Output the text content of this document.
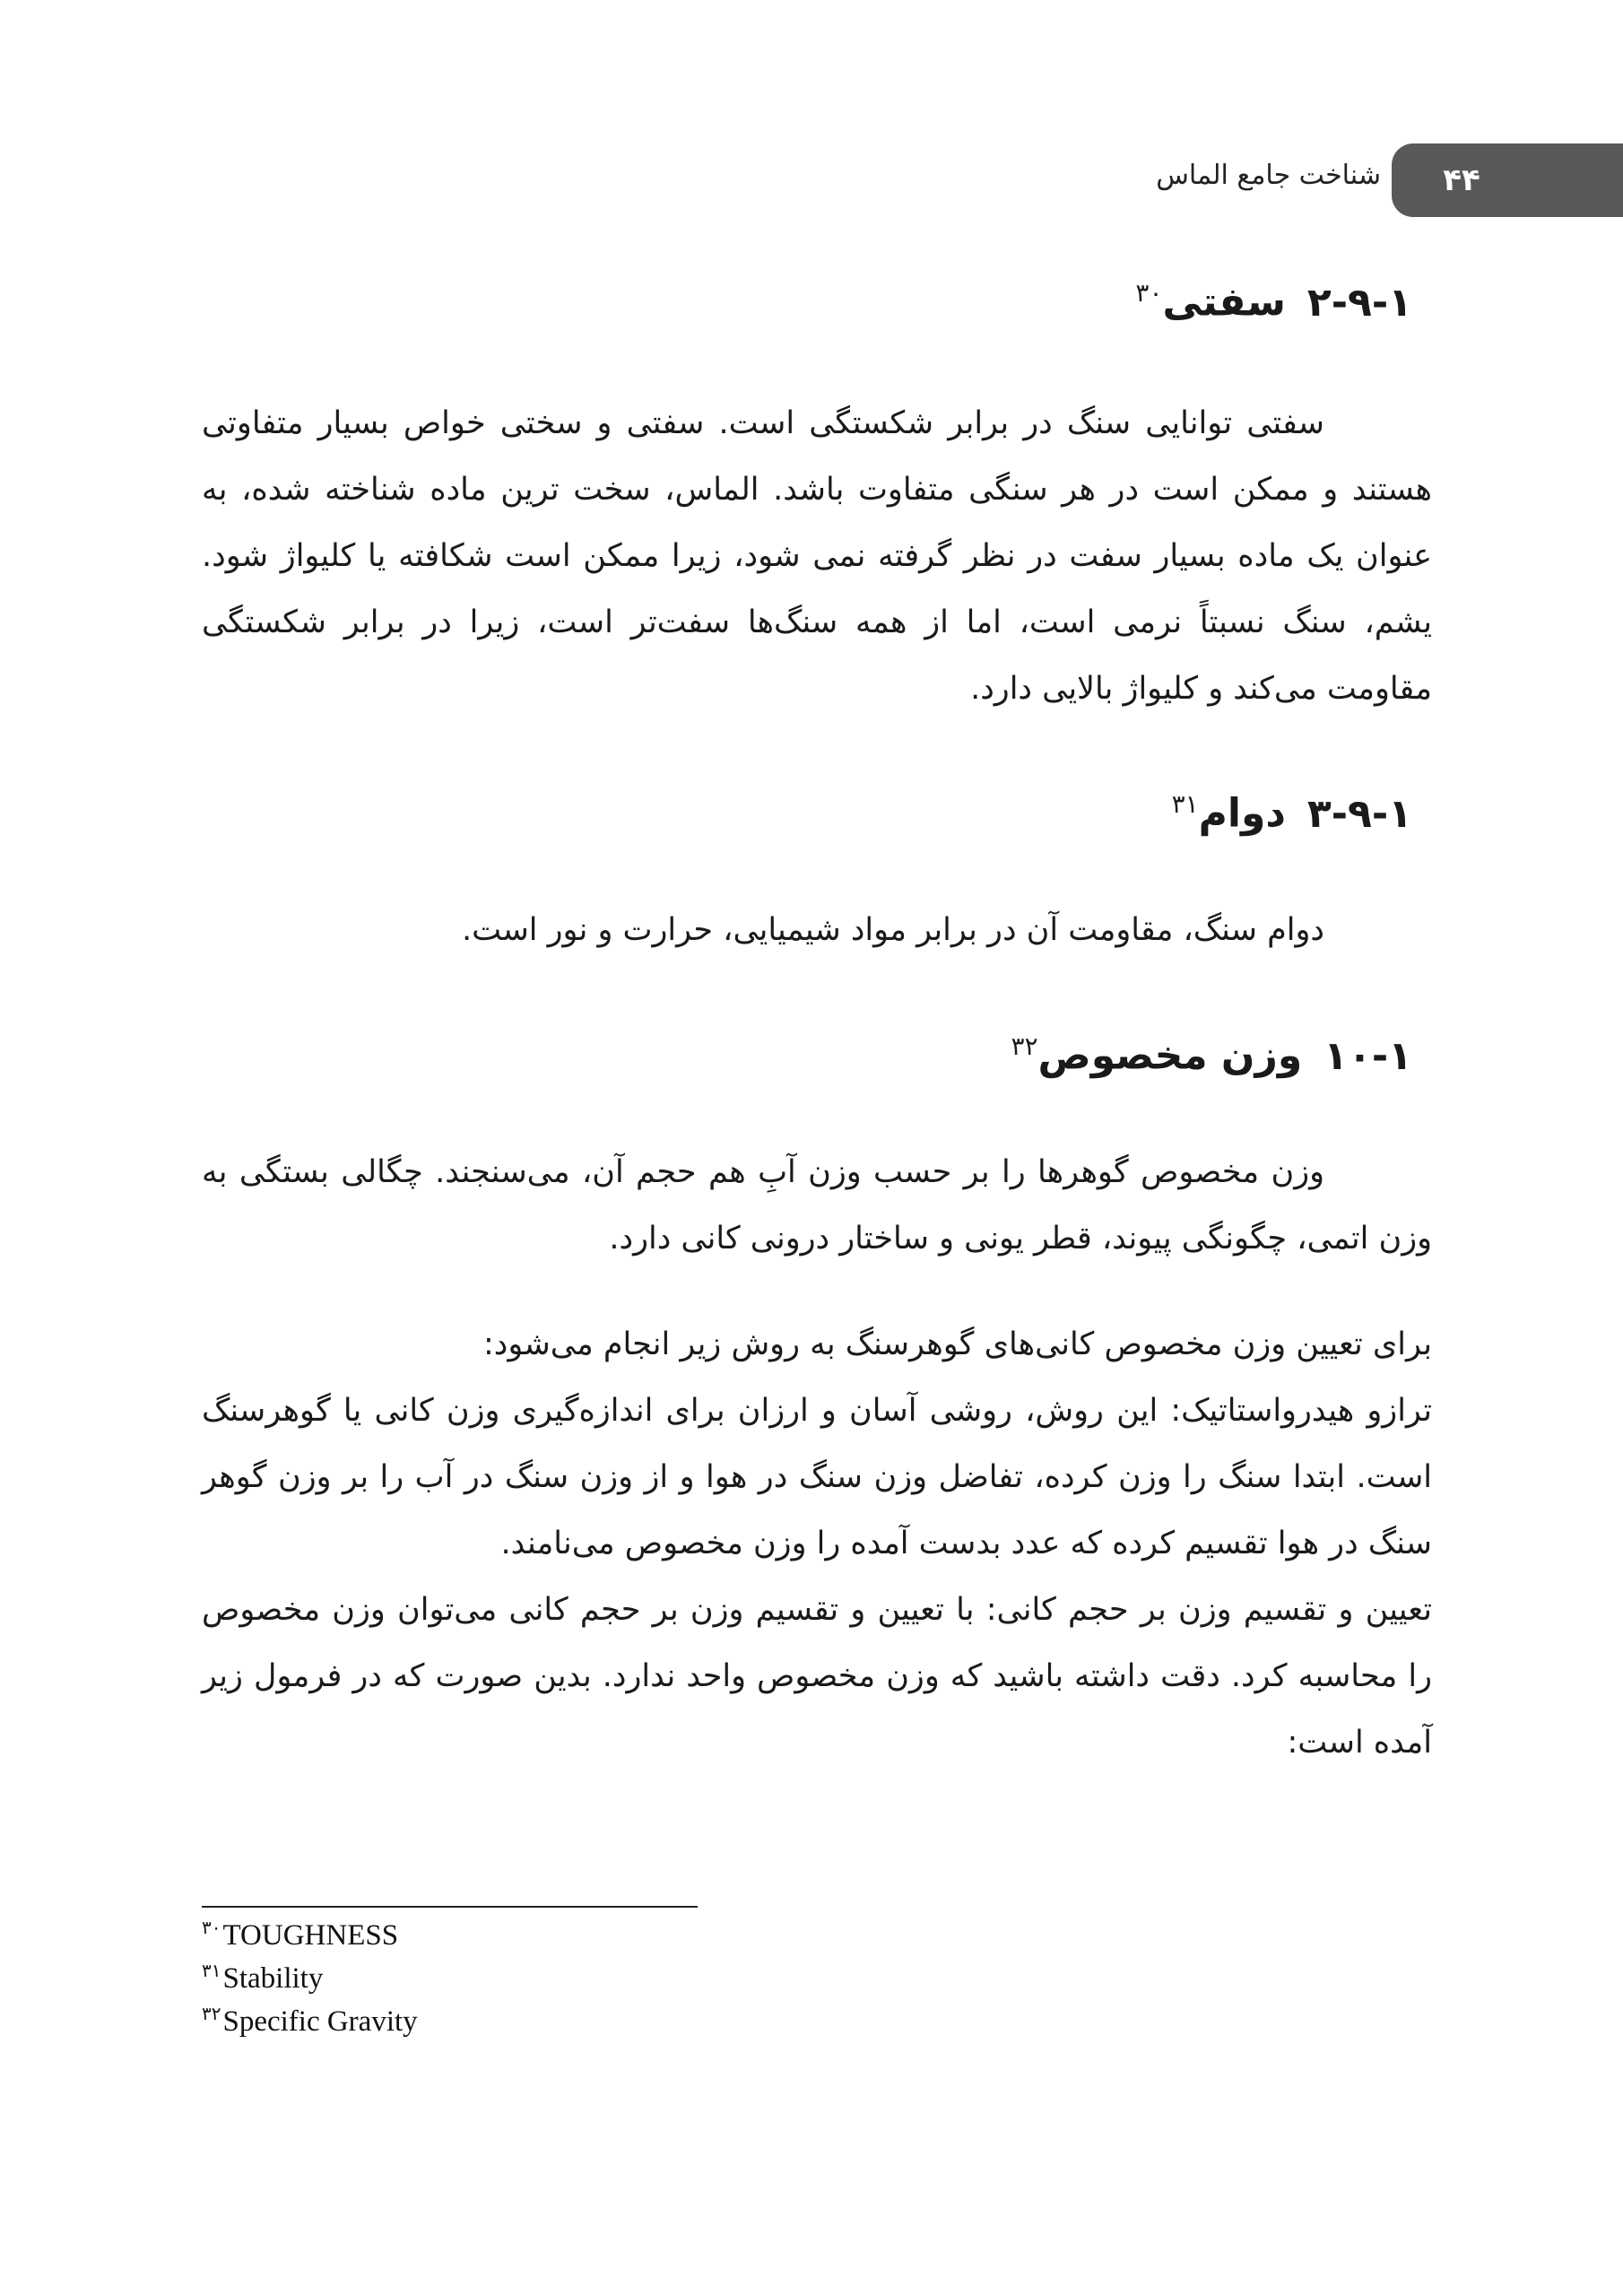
۴۴
شناخت جامع الماس
۲-۹-۱سفتی$^{۳۰}$

سفتی توانایی سنگ در برابر شکستگی است. سفتی و سختی خواص بسیار متفاوتی هستند و ممکن است در هر سنگی متفاوت باشد. الماس، سخت ترین ماده شناخته شده، به عنوان یک ماده بسیار سفت در نظر گرفته نمی شود، زیرا ممکن است شکافته یا کلیواژ شود. یشم، سنگ نسبتاً نرمی است، اما از همه سنگ‌ها سفت‌تر است، زیرا در برابر شکستگی مقاومت می‌کند و کلیواژ بالایی دارد.

۳-۹-۱دوام$^{۳۱}$

دوام سنگ، مقاومت آن در برابر مواد شیمیایی، حرارت و نور است.

۱۰-۱وزن مخصوص$^{۳۲}$

وزن مخصوص گوهرها را بر حسب وزن آبِ هم حجم آن، می‌سنجند. چگالی بستگی به وزن اتمی، چگونگی پیوند، قطر یونی و ساختار درونی کانی دارد.

برای تعیین وزن مخصوص کانی‌های گوهرسنگ به روش زیر انجام می‌شود:

ترازو هیدرواستاتیک: این روش، روشی آسان و ارزان برای اندازه‌گیری وزن کانی یا گوهرسنگ است. ابتدا سنگ را وزن کرده، تفاضل وزن سنگ در هوا و از وزن سنگ در آب را بر وزن گوهر سنگ در هوا تقسیم کرده که عدد بدست آمده را وزن مخصوص می‌نامند.

تعیین و تقسیم وزن بر حجم کانی: با تعیین و تقسیم وزن بر حجم کانی می‌توان وزن مخصوص را محاسبه کرد. دقت داشته باشید که وزن مخصوص واحد ندارد. بدین صورت که در فرمول زیر آمده است:

$^{۳۰}$TOUGHNESS
$^{۳۱}$Stability
$^{۳۲}$Specific Gravity
